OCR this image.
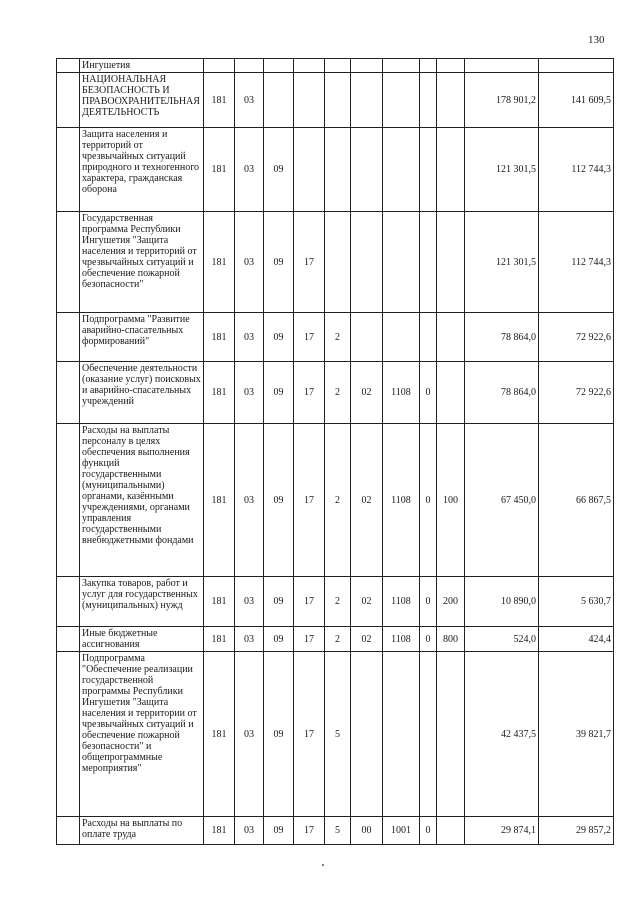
130
	Ингушетия											
	НАЦИОНАЛЬНАЯ БЕЗОПАСНОСТЬ И ПРАВООХРАНИТЕЛЬНАЯ ДЕЯТЕЛЬНОСТЬ	181	03								178 901,2	141 609,5
	Защита населения и территорий от чрезвычайных ситуаций природного и техногенного характера, гражданская оборона	181	03	09							121 301,5	112 744,3
	Государственная программа Республики Ингушетия "Защита населения и территорий от чрезвычайных ситуаций и обеспечение пожарной безопасности"	181	03	09	17						121 301,5	112 744,3
	Подпрограмма "Развитие аварийно-спасательных формирований"	181	03	09	17	2					78 864,0	72 922,6
	Обеспечение деятельности (оказание услуг) поисковых и аварийно-спасательных учреждений	181	03	09	17	2	02	1108	0		78 864,0	72 922,6
	Расходы на выплаты персоналу в целях обеспечения выполнения функций государственными (муниципальными) органами, казёнными учреждениями, органами управления государственными внебюджетными фондами	181	03	09	17	2	02	1108	0	100	67 450,0	66 867,5
	Закупка товаров, работ и услуг для государственных (муниципальных) нужд	181	03	09	17	2	02	1108	0	200	10 890,0	5 630,7
	Иные бюджетные ассигнования	181	03	09	17	2	02	1108	0	800	524,0	424,4
	Подпрограмма "Обеспечение реализации государственной программы Республики Ингушетия "Защита населения и территории от чрезвычайных ситуаций и обеспечение пожарной безопасности" и общепрограммные мероприятия"	181	03	09	17	5					42 437,5	39 821,7
	Расходы на выплаты по оплате труда	181	03	09	17	5	00	1001	0		29 874,1	29 857,2
